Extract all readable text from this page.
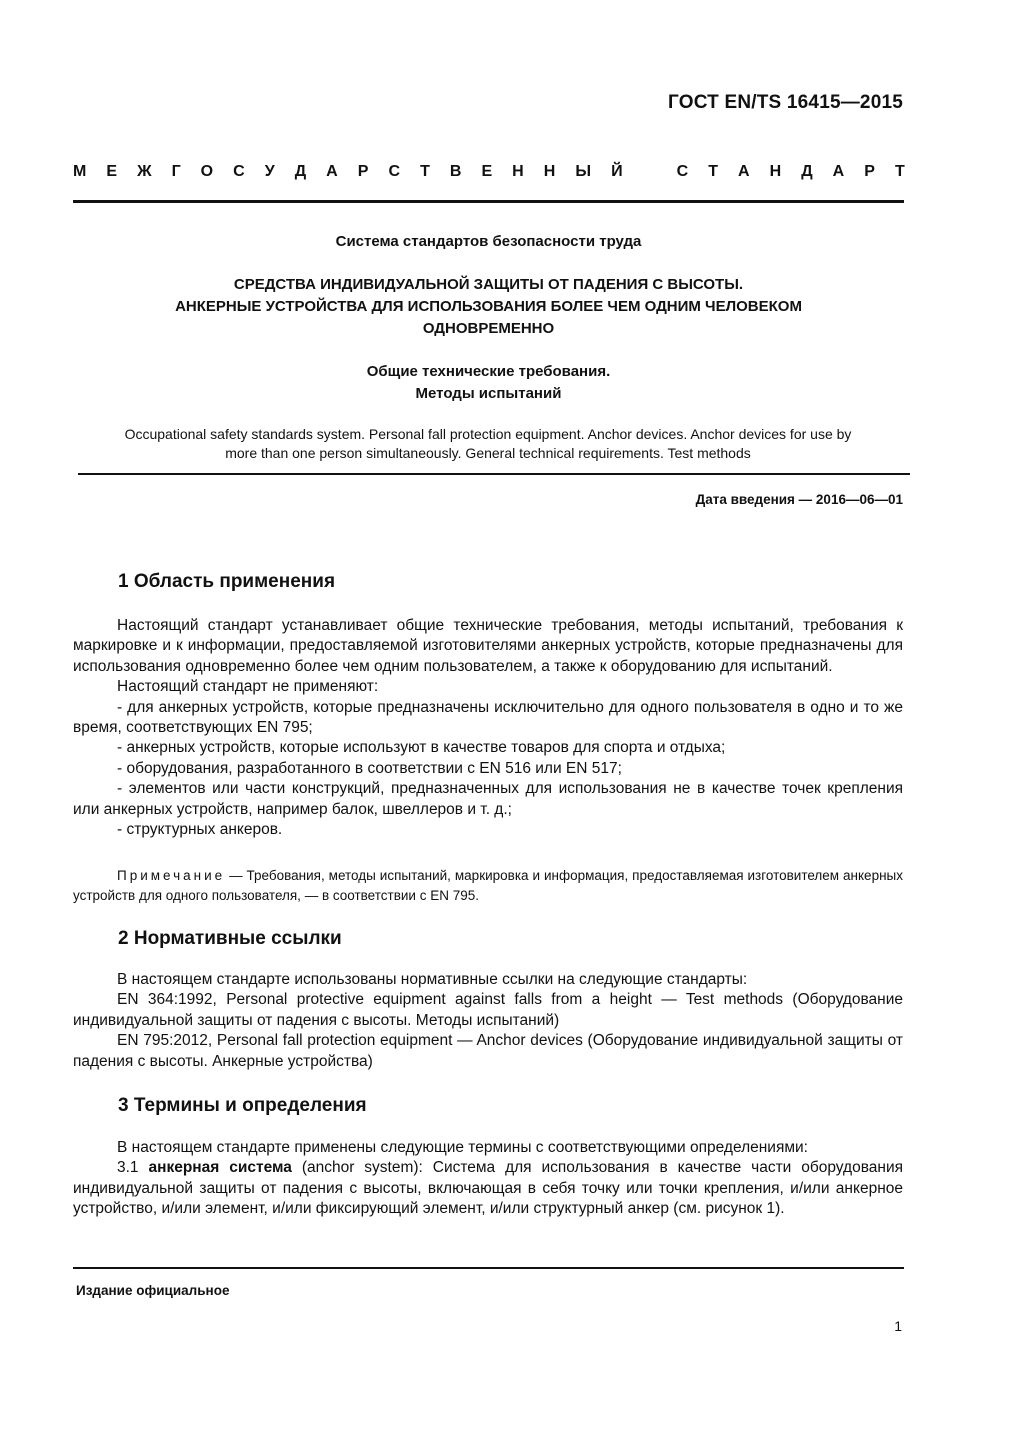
ГОСТ EN/TS 16415—2015
М Е Ж Г О С У Д А Р С Т В Е Н Н Ы Й	С Т А Н Д А Р Т
Система стандартов безопасности труда
СРЕДСТВА ИНДИВИДУАЛЬНОЙ ЗАЩИТЫ ОТ ПАДЕНИЯ С ВЫСОТЫ.
АНКЕРНЫЕ УСТРОЙСТВА ДЛЯ ИСПОЛЬЗОВАНИЯ БОЛЕЕ ЧЕМ ОДНИМ ЧЕЛОВЕКОМ
ОДНОВРЕМЕННО
Общие технические требования.
Методы испытаний
Occupational safety standards system. Personal fall protection equipment. Anchor devices. Anchor devices for use by
more than one person simultaneously. General technical requirements. Test methods
Дата введения — 2016—06—01
1 Область применения

Настоящий стандарт устанавливает общие технические требования, методы испытаний, требования к маркировке и к информации, предоставляемой изготовителями анкерных устройств, которые предназначены для использования одновременно более чем одним пользователем, а также к оборудованию для испытаний.

Настоящий стандарт не применяют:

- для анкерных устройств, которые предназначены исключительно для одного пользователя в одно и то же время, соответствующих EN 795;

- анкерных устройств, которые используют в качестве товаров для спорта и отдыха;

- оборудования, разработанного в соответствии с EN 516 или EN 517;

- элементов или части конструкций, предназначенных для использования не в качестве точек крепления или анкерных устройств, например балок, швеллеров и т. д.;

- структурных анкеров.

Примечание — Требования, методы испытаний, маркировка и информация, предоставляемая изготовителем анкерных устройств для одного пользователя, — в соответствии с EN 795.

2 Нормативные ссылки

В настоящем стандарте использованы нормативные ссылки на следующие стандарты:

EN 364:1992, Personal protective equipment against falls from a height — Test methods (Оборудование индивидуальной защиты от падения с высоты. Методы испытаний)

EN 795:2012, Personal fall protection equipment — Anchor devices (Оборудование индивидуальной защиты от падения с высоты. Анкерные устройства)

3 Термины и определения

В настоящем стандарте применены следующие термины с соответствующими определениями:

3.1 анкерная система (anchor system): Система для использования в качестве части оборудования индивидуальной защиты от падения с высоты, включающая в себя точку или точки крепления, и/или анкерное устройство, и/или элемент, и/или фиксирующий элемент, и/или структурный анкер (см. рисунок 1).

Издание официальное
1
